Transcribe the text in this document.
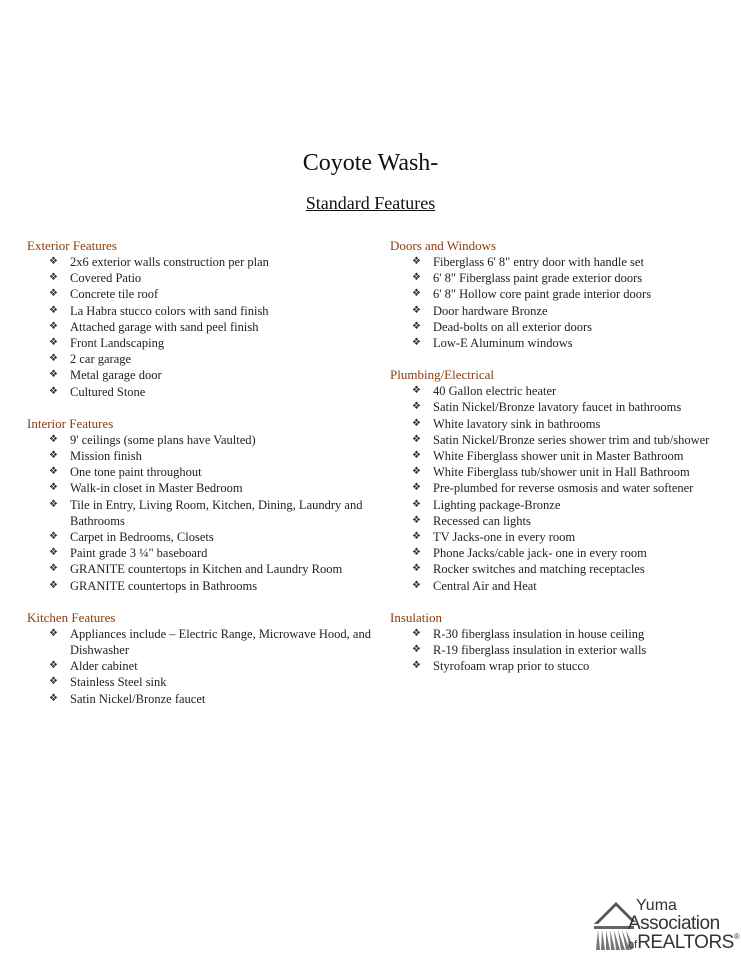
Coyote Wash-
Standard Features
Exterior Features
❖ 2x6 exterior walls construction per plan
❖ Covered Patio
❖ Concrete tile roof
❖ La Habra stucco colors with sand finish
❖ Attached garage with sand peel finish
❖ Front Landscaping
❖ 2 car garage
❖ Metal garage door
❖ Cultured Stone
Interior Features
❖ 9' ceilings (some plans have Vaulted)
❖ Mission finish
❖ One tone paint throughout
❖ Walk-in closet in Master Bedroom
❖ Tile in Entry, Living Room, Kitchen, Dining, Laundry and Bathrooms
❖ Carpet in Bedrooms, Closets
❖ Paint grade 3 ¼" baseboard
❖ GRANITE countertops in Kitchen and Laundry Room
❖ GRANITE countertops in Bathrooms
Kitchen Features
❖ Appliances include – Electric Range, Microwave Hood, and Dishwasher
❖ Alder cabinet
❖ Stainless Steel sink
❖ Satin Nickel/Bronze faucet
Doors and Windows
❖ Fiberglass 6' 8" entry door with handle set
❖ 6' 8" Fiberglass paint grade exterior doors
❖ 6' 8" Hollow core paint grade interior doors
❖ Door hardware Bronze
❖ Dead-bolts on all exterior doors
❖ Low-E Aluminum windows
Plumbing/Electrical
❖ 40 Gallon electric heater
❖ Satin Nickel/Bronze lavatory faucet in bathrooms
❖ White lavatory sink in bathrooms
❖ Satin Nickel/Bronze series shower trim and tub/shower
❖ White Fiberglass shower unit in Master Bathroom
❖ White Fiberglass tub/shower unit in Hall Bathroom
❖ Pre-plumbed for reverse osmosis and water softener
❖ Lighting package-Bronze
❖ Recessed can lights
❖ TV Jacks-one in every room
❖ Phone Jacks/cable jack- one in every room
❖ Rocker switches and matching receptacles
❖ Central Air and Heat
Insulation
❖ R-30 fiberglass insulation in house ceiling
❖ R-19 fiberglass insulation in exterior walls
❖ Styrofoam wrap prior to stucco
Yuma
Association
ofREALTORS®
